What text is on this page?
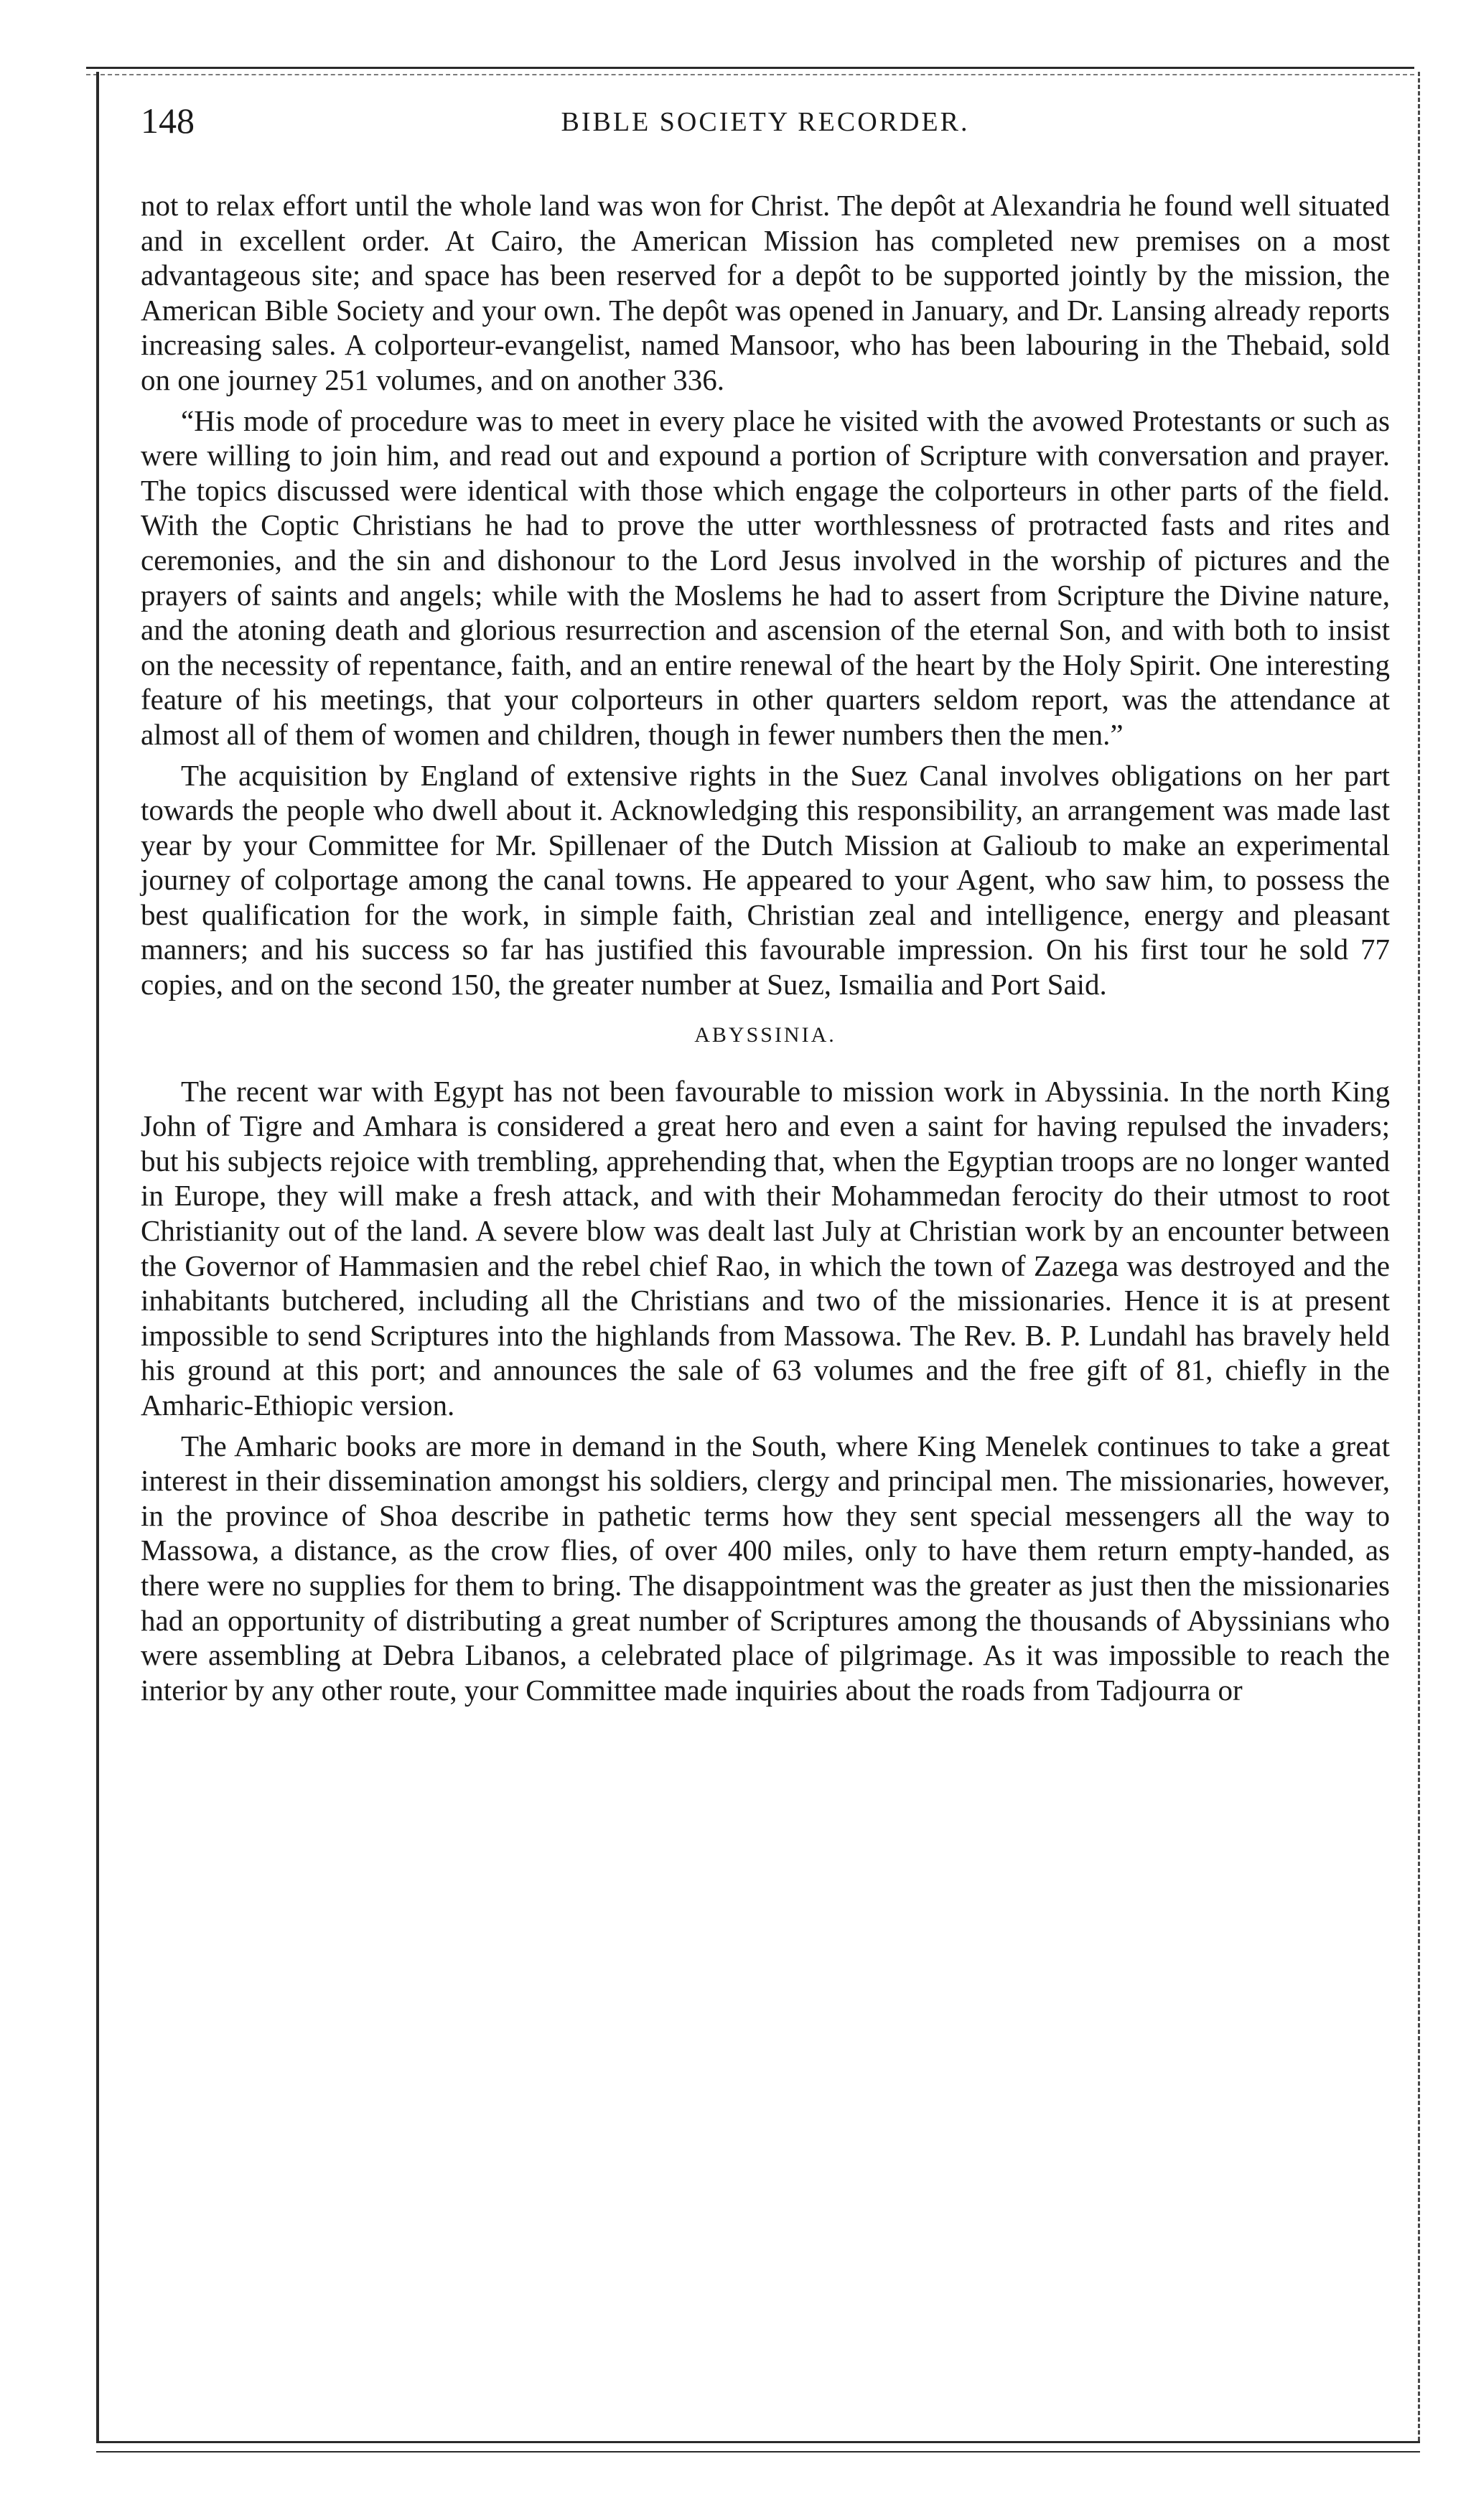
148	BIBLE SOCIETY RECORDER.

not to relax effort until the whole land was won for Christ. The depôt at Alexandria he found well situated and in excellent order. At Cairo, the American Mission has completed new premises on a most advantageous site; and space has been reserved for a depôt to be supported jointly by the mission, the American Bible Society and your own. The depôt was opened in January, and Dr. Lansing already reports increasing sales. A colporteur-evangelist, named Mansoor, who has been labouring in the Thebaid, sold on one journey 251 volumes, and on another 336.

“His mode of procedure was to meet in every place he visited with the avowed Protestants or such as were willing to join him, and read out and expound a portion of Scripture with conversation and prayer. The topics discussed were identical with those which engage the colporteurs in other parts of the field. With the Coptic Christians he had to prove the utter worthlessness of protracted fasts and rites and ceremonies, and the sin and dishonour to the Lord Jesus involved in the worship of pictures and the prayers of saints and angels; while with the Moslems he had to assert from Scripture the Divine nature, and the atoning death and glorious resurrection and ascension of the eternal Son, and with both to insist on the necessity of repentance, faith, and an entire renewal of the heart by the Holy Spirit. One interesting feature of his meetings, that your colporteurs in other quarters seldom report, was the attendance at almost all of them of women and children, though in fewer numbers then the men.”

The acquisition by England of extensive rights in the Suez Canal involves obligations on her part towards the people who dwell about it. Acknowledging this responsibility, an arrangement was made last year by your Committee for Mr. Spillenaer of the Dutch Mission at Galioub to make an experimental journey of colportage among the canal towns. He appeared to your Agent, who saw him, to possess the best qualification for the work, in simple faith, Christian zeal and intelligence, energy and pleasant manners; and his success so far has justified this favourable impression. On his first tour he sold 77 copies, and on the second 150, the greater number at Suez, Ismailia and Port Said.

ABYSSINIA.

The recent war with Egypt has not been favourable to mission work in Abyssinia. In the north King John of Tigre and Amhara is considered a great hero and even a saint for having repulsed the invaders; but his subjects rejoice with trembling, apprehending that, when the Egyptian troops are no longer wanted in Europe, they will make a fresh attack, and with their Mohammedan ferocity do their utmost to root Christianity out of the land. A severe blow was dealt last July at Christian work by an encounter between the Governor of Hammasien and the rebel chief Rao, in which the town of Zazega was destroyed and the inhabitants butchered, including all the Christians and two of the missionaries. Hence it is at present impossible to send Scriptures into the highlands from Massowa. The Rev. B. P. Lundahl has bravely held his ground at this port; and announces the sale of 63 volumes and the free gift of 81, chiefly in the Amharic-Ethiopic version.

The Amharic books are more in demand in the South, where King Menelek continues to take a great interest in their dissemination amongst his soldiers, clergy and principal men. The missionaries, however, in the province of Shoa describe in pathetic terms how they sent special messengers all the way to Massowa, a distance, as the crow flies, of over 400 miles, only to have them return empty-handed, as there were no supplies for them to bring. The disappointment was the greater as just then the missionaries had an opportunity of distributing a great number of Scriptures among the thousands of Abyssinians who were assembling at Debra Libanos, a celebrated place of pilgrimage. As it was impossible to reach the interior by any other route, your Committee made inquiries about the roads from Tadjourra or
